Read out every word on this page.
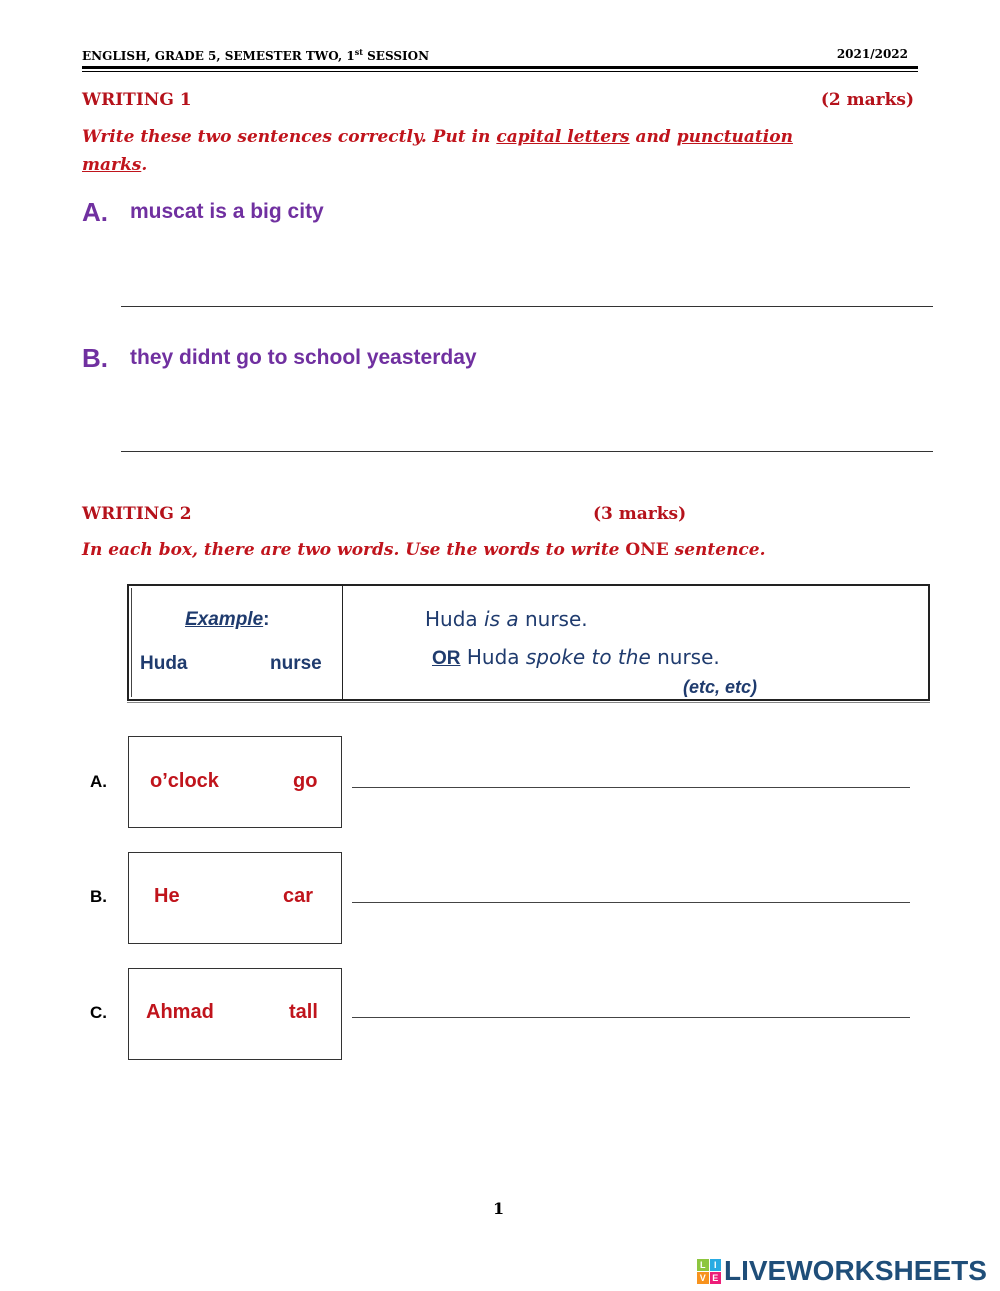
ENGLISH, GRADE 5, SEMESTER TWO, 1st SESSION	2021/2022
WRITING 1	(2 marks)
Write these two sentences correctly. Put in capital letters and punctuation
marks.
A. muscat is a big city
B. they didnt go to school yeasterday
WRITING 2	(3 marks)
In each box, there are two words. Use the words to write ONE sentence.
Example:
Huda	nurse
Huda is a nurse.
OR Huda spoke to the nurse.
(etc, etc)
A. o’clock	go
B. He	car
C. Ahmad	tall
1
L I
V E LIVEWORKSHEETS
